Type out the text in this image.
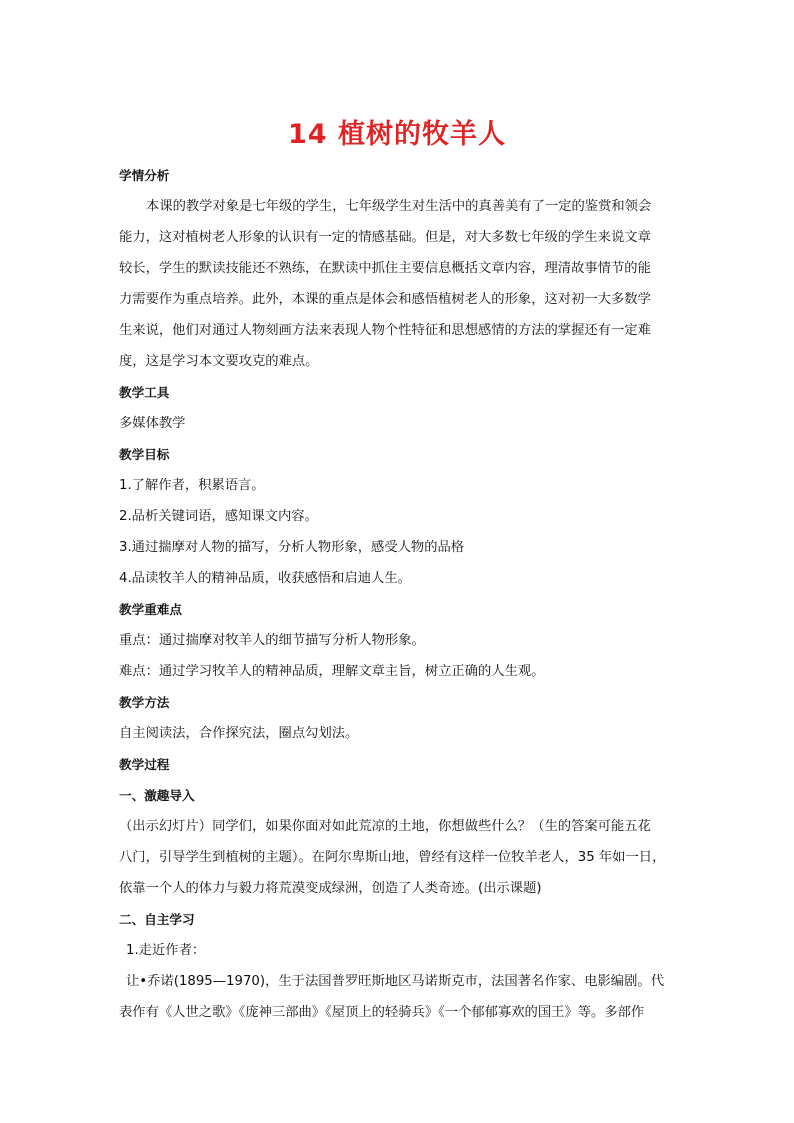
14 植树的牧羊人
学情分析
本课的教学对象是七年级的学生，七年级学生对生活中的真善美有了一定的鉴赏和领会
能力，这对植树老人形象的认识有一定的情感基础。但是，对大多数七年级的学生来说文章
较长，学生的默读技能还不熟练，在默读中抓住主要信息概括文章内容，理清故事情节的能
力需要作为重点培养。此外，本课的重点是体会和感悟植树老人的形象，这对初一大多数学
生来说，他们对通过人物刻画方法来表现人物个性特征和思想感情的方法的掌握还有一定难
度，这是学习本文要攻克的难点。
教学工具
多媒体教学
教学目标
1.了解作者，积累语言。
2.品析关键词语，感知课文内容。
3.通过揣摩对人物的描写，分析人物形象，感受人物的品格
4.品读牧羊人的精神品质，收获感悟和启迪人生。
教学重难点
重点：通过揣摩对牧羊人的细节描写分析人物形象。
难点：通过学习牧羊人的精神品质，理解文章主旨，树立正确的人生观。
教学方法
自主阅读法，合作探究法，圈点勾划法。
教学过程
一、激趣导入
（出示幻灯片）同学们，如果你面对如此荒凉的土地，你想做些什么？（生的答案可能五花
八门，引导学生到植树的主题）。在阿尔卑斯山地，曾经有这样一位牧羊老人，35 年如一日，
依靠一个人的体力与毅力将荒漠变成绿洲，创造了人类奇迹。(出示课题)
二、自主学习
1.走近作者：
让•乔诺(1895—1970)，生于法国普罗旺斯地区马诺斯克市，法国著名作家、电影编剧。代
表作有《人世之歌》《庞神三部曲》《屋顶上的轻骑兵》《一个郁郁寡欢的国王》等。多部作
